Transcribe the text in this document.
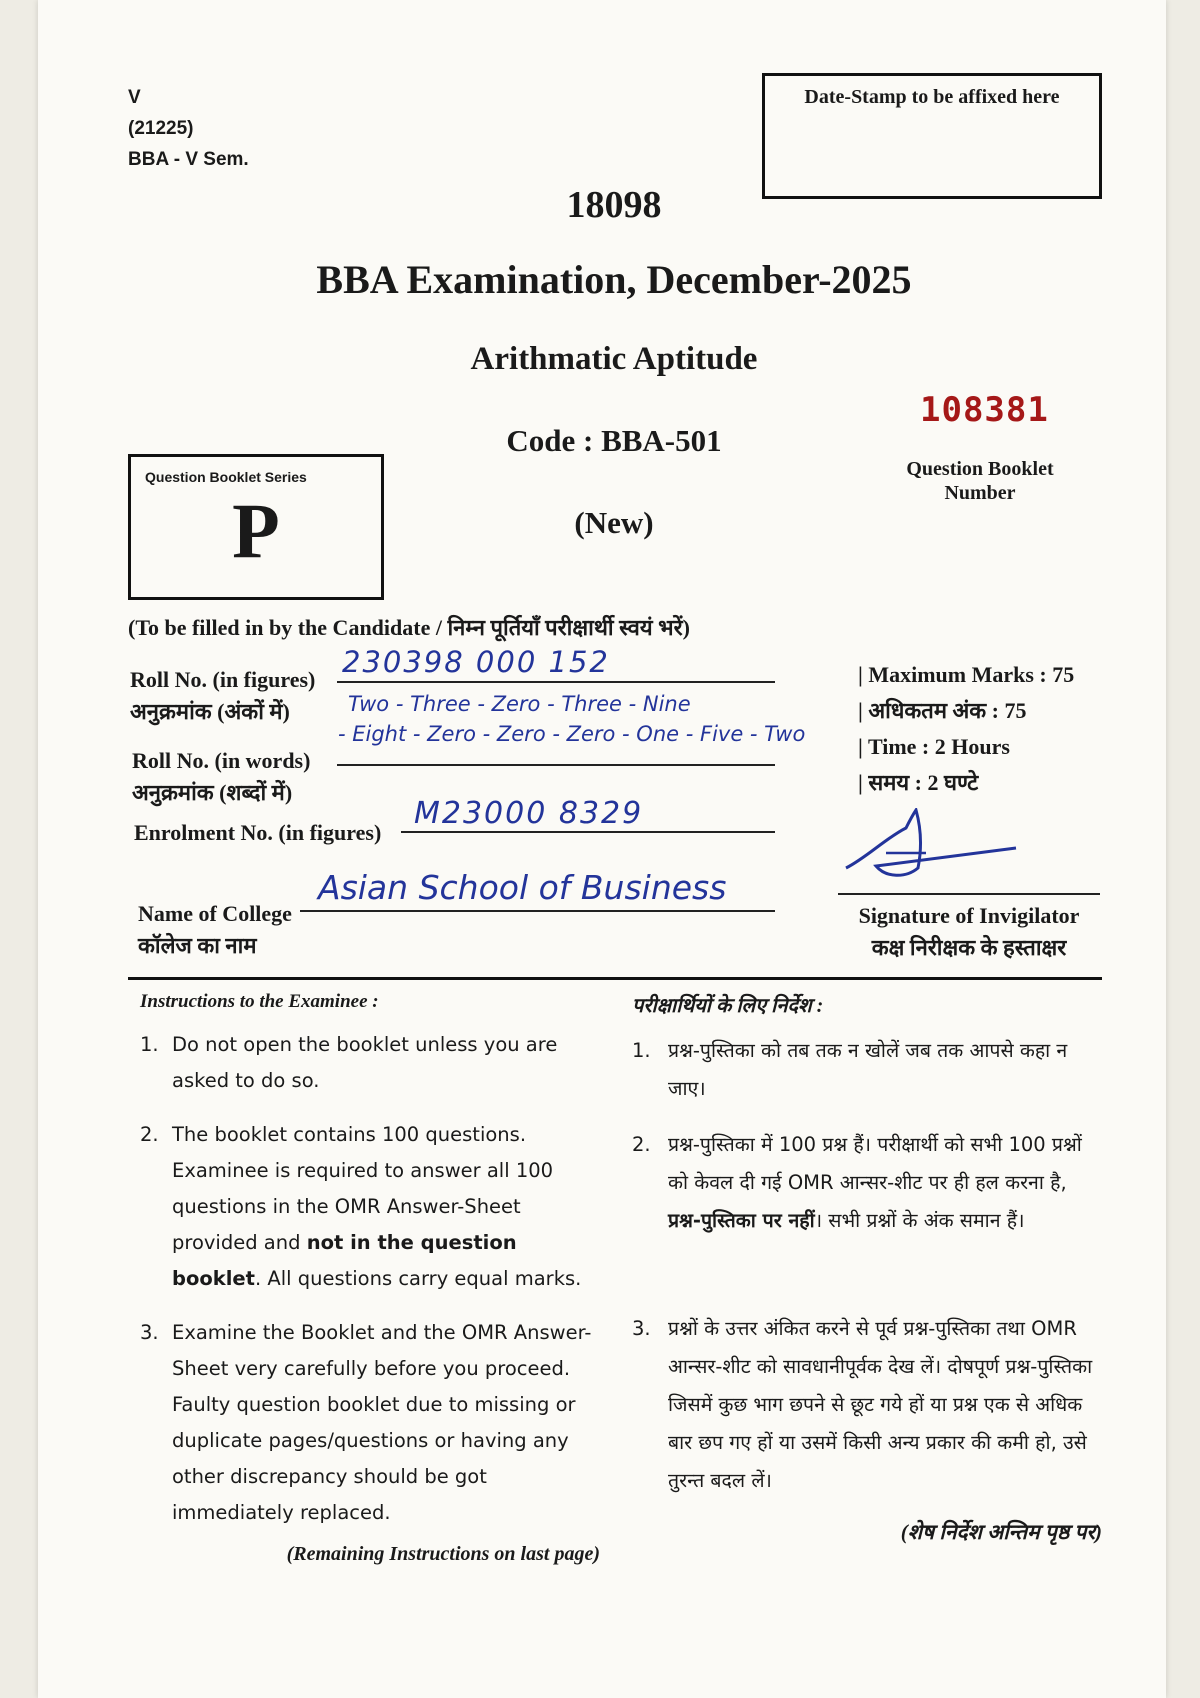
V
(21225)
BBA - V Sem.
Date-Stamp to be affixed here
18098
BBA Examination, December-2025
Arithmatic Aptitude
Code : BBA-501
(New)
108381
Question Booklet
Number
Question Booklet Series
P
(To be filled in by the Candidate / निम्न पूर्तियाँ परीक्षार्थी स्वयं भरें)
Roll No. (in figures)
अनुक्रमांक (अंकों में)
230398 000 152
Two - Three - Zero - Three - Nine
- Eight - Zero - Zero - Zero - One - Five - Two
Roll No. (in words)
अनुक्रमांक (शब्दों में)
Enrolment No. (in figures)
M23000 8329
Name of College
कॉलेज का नाम
Asian School of Business
| Maximum Marks : 75
| अधिकतम अंक : 75
| Time : 2 Hours
| समय : 2 घण्टे
Signature of Invigilator
कक्ष निरीक्षक के हस्ताक्षर
Instructions to the Examinee :
1. Do not open the booklet unless you are asked to do so.
2. The booklet contains 100 questions. Examinee is required to answer all 100 questions in the OMR Answer-Sheet provided and not in the question booklet. All questions carry equal marks.
3. Examine the Booklet and the OMR Answer-Sheet very carefully before you proceed. Faulty question booklet due to missing or duplicate pages/questions or having any other discrepancy should be got immediately replaced.
(Remaining Instructions on last page)
परीक्षार्थियों के लिए निर्देश :
1. प्रश्न-पुस्तिका को तब तक न खोलें जब तक आपसे कहा न जाए।
2. प्रश्न-पुस्तिका में 100 प्रश्न हैं। परीक्षार्थी को सभी 100 प्रश्नों को केवल दी गई OMR आन्सर-शीट पर ही हल करना है, प्रश्न-पुस्तिका पर नहीं। सभी प्रश्नों के अंक समान हैं।
3. प्रश्नों के उत्तर अंकित करने से पूर्व प्रश्न-पुस्तिका तथा OMR आन्सर-शीट को सावधानीपूर्वक देख लें। दोषपूर्ण प्रश्न-पुस्तिका जिसमें कुछ भाग छपने से छूट गये हों या प्रश्न एक से अधिक बार छप गए हों या उसमें किसी अन्य प्रकार की कमी हो, उसे तुरन्त बदल लें।
(शेष निर्देश अन्तिम पृष्ठ पर)
